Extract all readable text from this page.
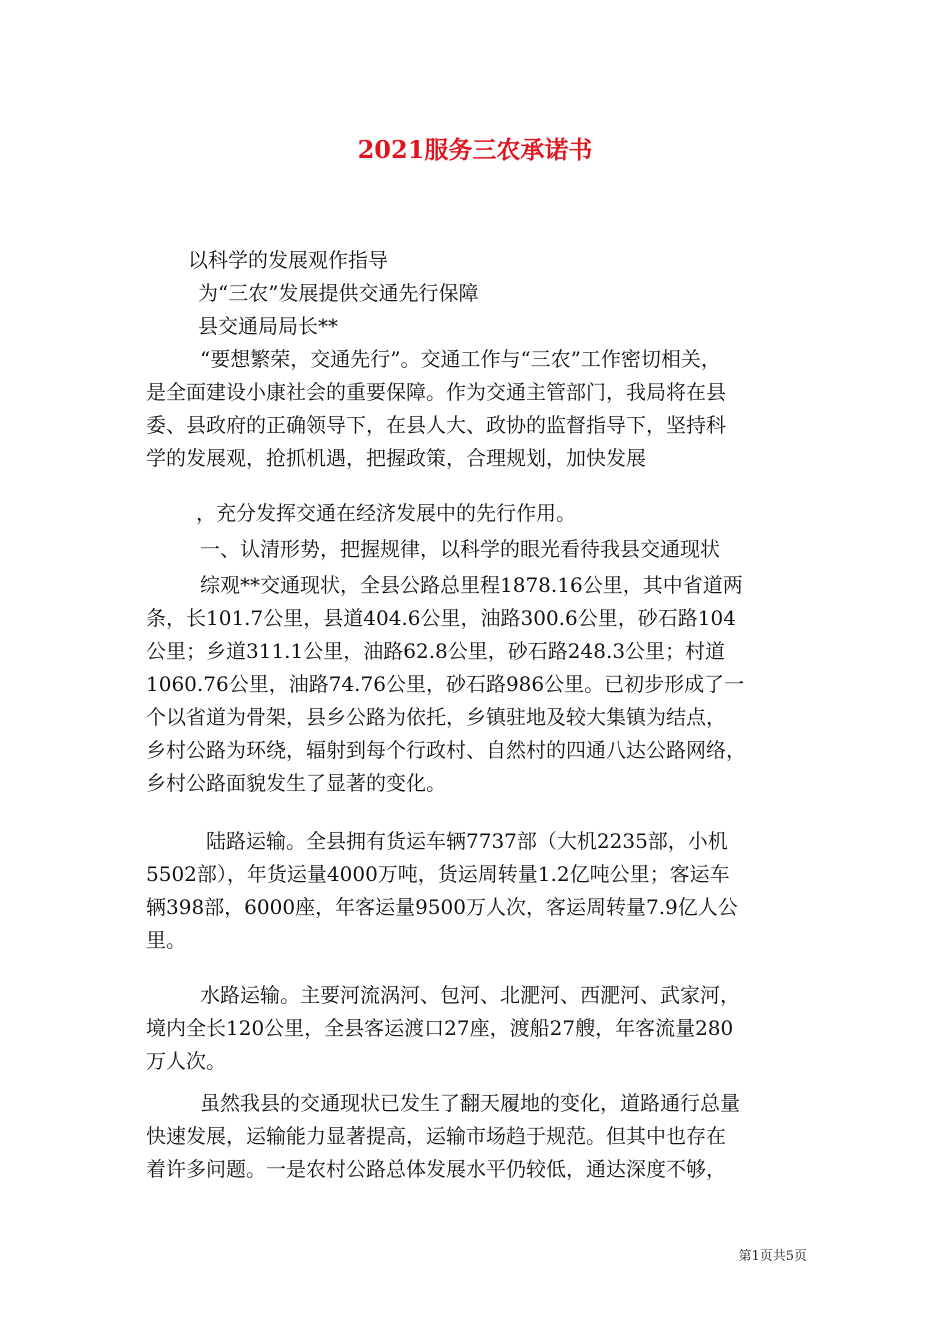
2021服务三农承诺书

以科学的发展观作指导

为“三农”发展提供交通先行保障

县交通局局长**

“要想繁荣，交通先行”。交通工作与“三农”工作密切相关，
是全面建设小康社会的重要保障。作为交通主管部门，我局将在县
委、县政府的正确领导下，在县人大、政协的监督指导下，坚持科
学的发展观，抢抓机遇，把握政策，合理规划，加快发展
，充分发挥交通在经济发展中的先行作用。
一、认清形势，把握规律，以科学的眼光看待我县交通现状
综观**交通现状，全县公路总里程1878.16公里，其中省道两
条，长101.7公里，县道404.6公里，油路300.6公里，砂石路104
公里；乡道311.1公里，油路62.8公里，砂石路248.3公里；村道
1060.76公里，油路74.76公里，砂石路986公里。已初步形成了一
个以省道为骨架，县乡公路为依托，乡镇驻地及较大集镇为结点，
乡村公路为环绕，辐射到每个行政村、自然村的四通八达公路网络，
乡村公路面貌发生了显著的变化。
陆路运输。全县拥有货运车辆7737部（大机2235部，小机
5502部），年货运量4000万吨，货运周转量1.2亿吨公里；客运车
辆398部，6000座，年客运量9500万人次，客运周转量7.9亿人公
里。
水路运输。主要河流涡河、包河、北淝河、西淝河、武家河，
境内全长120公里，全县客运渡口27座，渡船27艘，年客流量280
万人次。
虽然我县的交通现状已发生了翻天履地的变化，道路通行总量
快速发展，运输能力显著提高，运输市场趋于规范。但其中也存在
着许多问题。一是农村公路总体发展水平仍较低，通达深度不够，
第1页共5页
